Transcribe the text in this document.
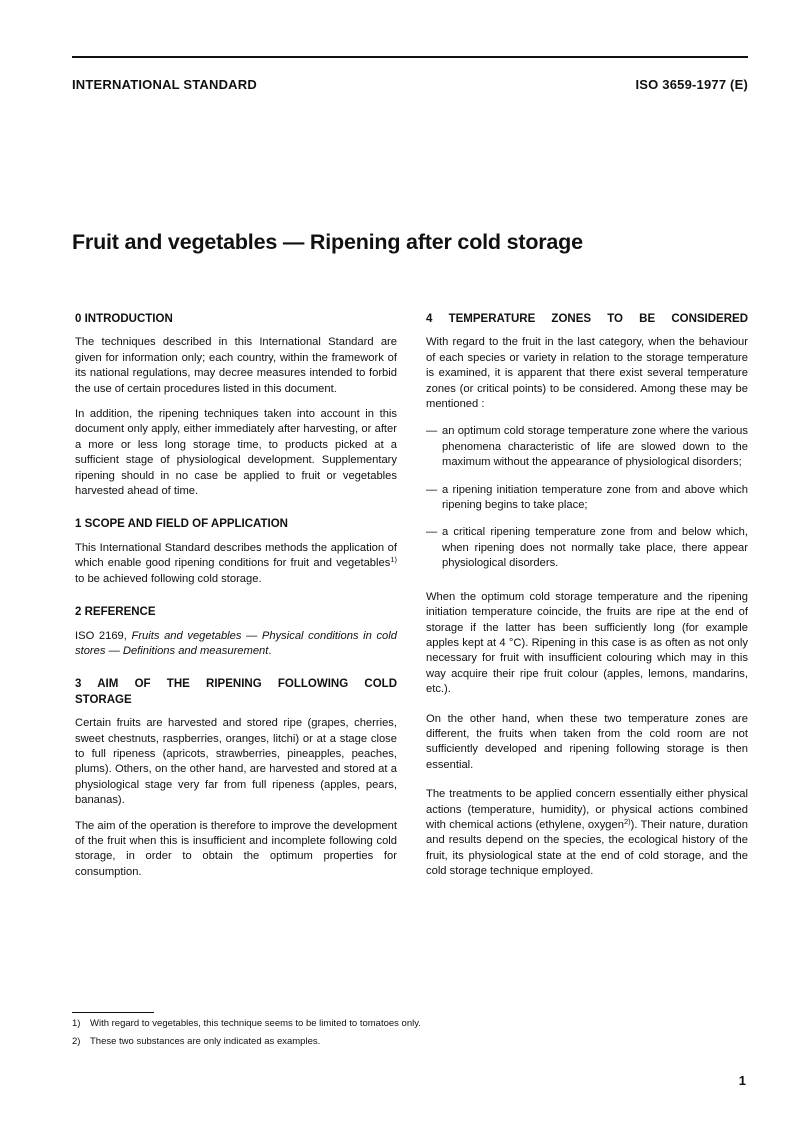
INTERNATIONAL STANDARD	ISO 3659-1977 (E)
Fruit and vegetables — Ripening after cold storage
0 INTRODUCTION

The techniques described in this International Standard are given for information only; each country, within the framework of its national regulations, may decree measures intended to forbid the use of certain procedures listed in this document.

In addition, the ripening techniques taken into account in this document only apply, either immediately after harvesting, or after a more or less long storage time, to products picked at a sufficient stage of physiological development. Supplementary ripening should in no case be applied to fruit or vegetables harvested ahead of time.

1 SCOPE AND FIELD OF APPLICATION

This International Standard describes methods the application of which enable good ripening conditions for fruit and vegetables$^{1)}$ to be achieved following cold storage.

2 REFERENCE

ISO 2169, Fruits and vegetables — Physical conditions in cold stores — Definitions and measurement.

3 AIM OF THE RIPENING FOLLOWING COLD
STORAGE

Certain fruits are harvested and stored ripe (grapes, cherries, sweet chestnuts, raspberries, oranges, litchi) or at a stage close to full ripeness (apricots, strawberries, pineapples, peaches, plums). Others, on the other hand, are harvested and stored at a physiological stage very far from full ripeness (apples, pears, bananas).

The aim of the operation is therefore to improve the development of the fruit when this is insufficient and incomplete following cold storage, in order to obtain the optimum properties for consumption.

4 TEMPERATURE ZONES TO BE CONSIDERED

With regard to the fruit in the last category, when the behaviour of each species or variety in relation to the storage temperature is examined, it is apparent that there exist several temperature zones (or critical points) to be considered. Among these may be mentioned :

— an optimum cold storage temperature zone where the various phenomena characteristic of life are slowed down to the maximum without the appearance of physiological disorders;
— a ripening initiation temperature zone from and above which ripening begins to take place;
— a critical ripening temperature zone from and below which, when ripening does not normally take place, there appear physiological disorders.

When the optimum cold storage temperature and the ripening initiation temperature coincide, the fruits are ripe at the end of storage if the latter has been sufficiently long (for example apples kept at 4 °C). Ripening in this case is as often as not only necessary for fruit with insufficient colouring which may in this way acquire their ripe fruit colour (apples, lemons, mandarins, etc.).

On the other hand, when these two temperature zones are different, the fruits when taken from the cold room are not sufficiently developed and ripening following storage is then essential.

The treatments to be applied concern essentially either physical actions (temperature, humidity), or physical actions combined with chemical actions (ethylene, oxygen$^{2)}$). Their nature, duration and results depend on the species, the ecological history of the fruit, its physiological state at the end of cold storage, and the cold storage technique employed.

1) With regard to vegetables, this technique seems to be limited to tomatoes only.
2) These two substances are only indicated as examples.
1
